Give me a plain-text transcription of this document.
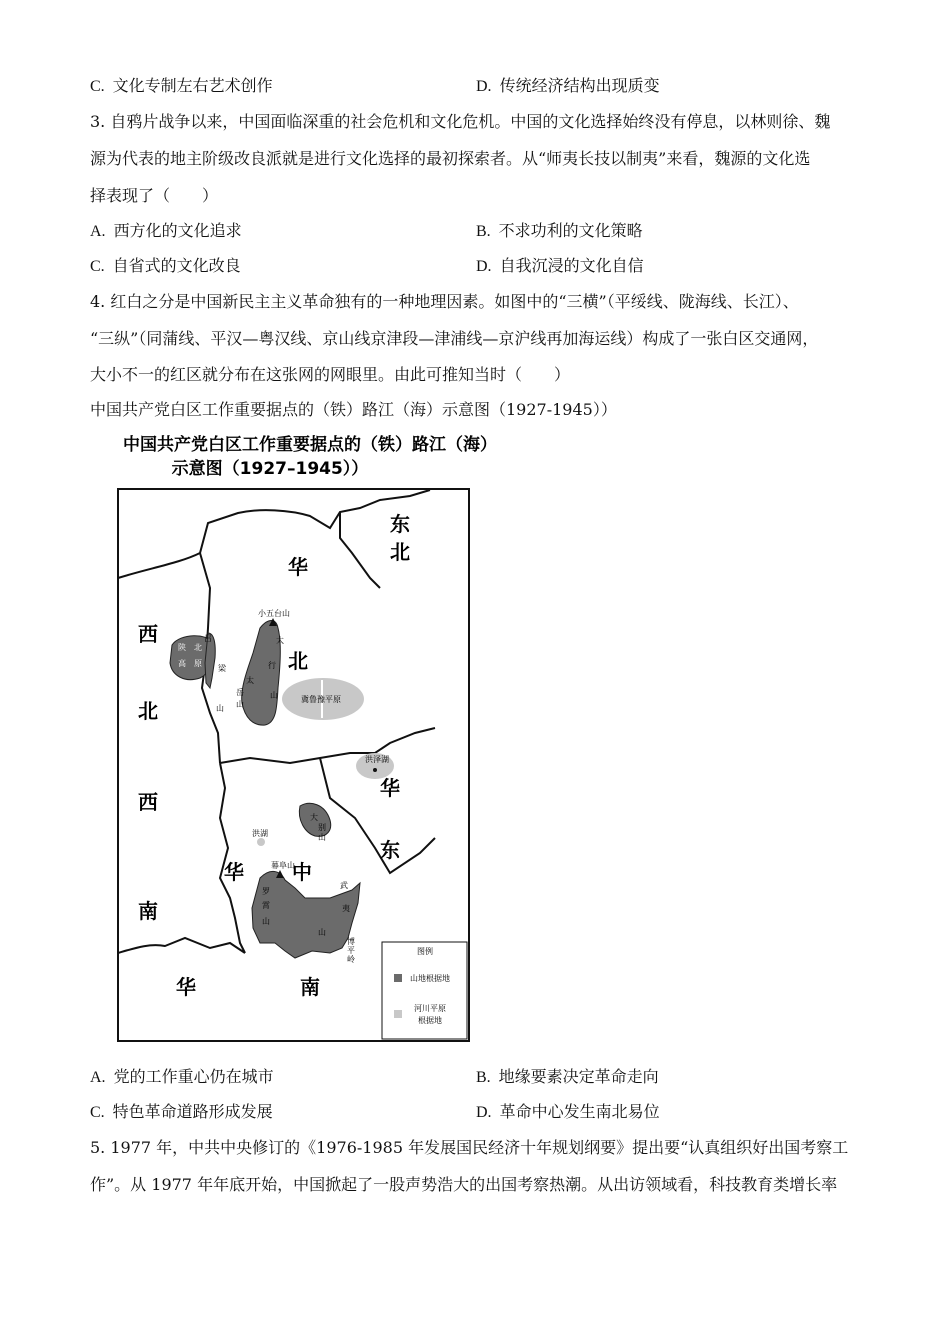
C. 文化专制左右艺术创作	D. 传统经济结构出现质变
3. 自鸦片战争以来，中国面临深重的社会危机和文化危机。中国的文化选择始终没有停息，以林则徐、魏
源为代表的地主阶级改良派就是进行文化选择的最初探索者。从“师夷长技以制夷”来看，魏源的文化选
择表现了（　　）
A. 西方化的文化追求	B. 不求功利的文化策略
C. 自省式的文化改良	D. 自我沉浸的文化自信
4. 红白之分是中国新民主主义革命独有的一种地理因素。如图中的“三横”（平绥线、陇海线、长江）、
“三纵”（同蒲线、平汉—粤汉线、京山线京津段—津浦线—京沪线再加海运线）构成了一张白区交通网，
大小不一的红区就分布在这张网的网眼里。由此可推知当时（　　）
中国共产党白区工作重要据点的（铁）路江（海）示意图（1927-1945））
中国共产党白区工作重要据点的（铁）路江（海）
示意图（1927–1945））
东
北
华
西
北
北
西
华
东
华 中
南
华	南
陕 北
高 原
吕
梁
山
小五台山
太
行
山
太
岳
山
冀鲁豫平原
洪泽湖
洪湖
大
别
山
幕阜山
罗
霄
山
武
夷
山
博
平
岭
图例
山地根据地
河川平原
根据地
A. 党的工作重心仍在城市	B. 地缘要素决定革命走向
C. 特色革命道路形成发展	D. 革命中心发生南北易位
5. 1977 年，中共中央修订的《1976-1985 年发展国民经济十年规划纲要》提出要“认真组织好出国考察工
作”。从 1977 年年底开始，中国掀起了一股声势浩大的出国考察热潮。从出访领域看，科技教育类增长率
